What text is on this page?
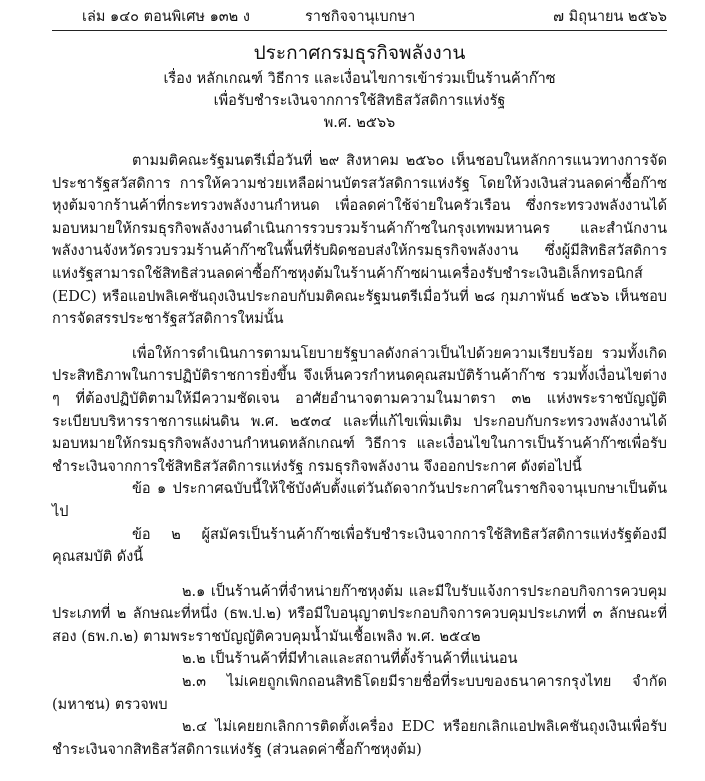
เล่ม ๑๔๐ ตอนพิเศษ ๑๓๒ ง	ราชกิจจานุเบกษา	๗ มิถุนายน ๒๕๖๖
ประกาศกรมธุรกิจพลังงาน
เรื่อง หลักเกณฑ์ วิธีการ และเงื่อนไขการเข้าร่วมเป็นร้านค้าก๊าซ
เพื่อรับชำระเงินจากการใช้สิทธิสวัสดิการแห่งรัฐ
พ.ศ. ๒๕๖๖

ตามมติคณะรัฐมนตรีเมื่อวันที่ ๒๙ สิงหาคม ๒๕๖๐ เห็นชอบในหลักการแนวทางการจัดประชารัฐสวัสดิการ การให้ความช่วยเหลือผ่านบัตรสวัสดิการแห่งรัฐ โดยให้วงเงินส่วนลดค่าซื้อก๊าซหุงต้มจากร้านค้าที่กระทรวงพลังงานกำหนด เพื่อลดค่าใช้จ่ายในครัวเรือน ซึ่งกระทรวงพลังงานได้มอบหมายให้กรมธุรกิจพลังงานดำเนินการรวบรวมร้านค้าก๊าซในกรุงเทพมหานคร และสำนักงานพลังงานจังหวัดรวบรวมร้านค้าก๊าซในพื้นที่รับผิดชอบส่งให้กรมธุรกิจพลังงาน ซึ่งผู้มีสิทธิสวัสดิการแห่งรัฐสามารถใช้สิทธิส่วนลดค่าซื้อก๊าซหุงต้มในร้านค้าก๊าซผ่านเครื่องรับชำระเงินอิเล็กทรอนิกส์ (EDC) หรือแอปพลิเคชันถุงเงินประกอบกับมติคณะรัฐมนตรีเมื่อวันที่ ๒๘ กุมภาพันธ์ ๒๕๖๖ เห็นชอบการจัดสรรประชารัฐสวัสดิการใหม่นั้น

เพื่อให้การดำเนินการตามนโยบายรัฐบาลดังกล่าวเป็นไปด้วยความเรียบร้อย รวมทั้งเกิดประสิทธิภาพในการปฏิบัติราชการยิ่งขึ้น จึงเห็นควรกำหนดคุณสมบัติร้านค้าก๊าซ รวมทั้งเงื่อนไขต่าง ๆ ที่ต้องปฏิบัติตามให้มีความชัดเจน อาศัยอำนาจตามความในมาตรา ๓๒ แห่งพระราชบัญญัติระเบียบบริหารราชการแผ่นดิน พ.ศ. ๒๕๓๔ และที่แก้ไขเพิ่มเติม ประกอบกับกระทรวงพลังงานได้มอบหมายให้กรมธุรกิจพลังงานกำหนดหลักเกณฑ์ วิธีการ และเงื่อนไขในการเป็นร้านค้าก๊าซเพื่อรับชำระเงินจากการใช้สิทธิสวัสดิการแห่งรัฐ กรมธุรกิจพลังงาน จึงออกประกาศ ดังต่อไปนี้

ข้อ ๑ ประกาศฉบับนี้ให้ใช้บังคับตั้งแต่วันถัดจากวันประกาศในราชกิจจานุเบกษาเป็นต้นไป

ข้อ ๒ ผู้สมัครเป็นร้านค้าก๊าซเพื่อรับชำระเงินจากการใช้สิทธิสวัสดิการแห่งรัฐต้องมีคุณสมบัติ ดังนี้

๒.๑ เป็นร้านค้าที่จำหน่ายก๊าซหุงต้ม และมีใบรับแจ้งการประกอบกิจการควบคุมประเภทที่ ๒ ลักษณะที่หนึ่ง (ธพ.ป.๒) หรือมีใบอนุญาตประกอบกิจการควบคุมประเภทที่ ๓ ลักษณะที่สอง (ธพ.ก.๒) ตามพระราชบัญญัติควบคุมน้ำมันเชื้อเพลิง พ.ศ. ๒๕๔๒

๒.๒ เป็นร้านค้าที่มีทำเลและสถานที่ตั้งร้านค้าที่แน่นอน

๒.๓ ไม่เคยถูกเพิกถอนสิทธิโดยมีรายชื่อที่ระบบของธนาคารกรุงไทย จำกัด (มหาชน) ตรวจพบ

๒.๔ ไม่เคยยกเลิกการติดตั้งเครื่อง EDC หรือยกเลิกแอปพลิเคชันถุงเงินเพื่อรับชำระเงินจากสิทธิสวัสดิการแห่งรัฐ (ส่วนลดค่าซื้อก๊าซหุงต้ม)
